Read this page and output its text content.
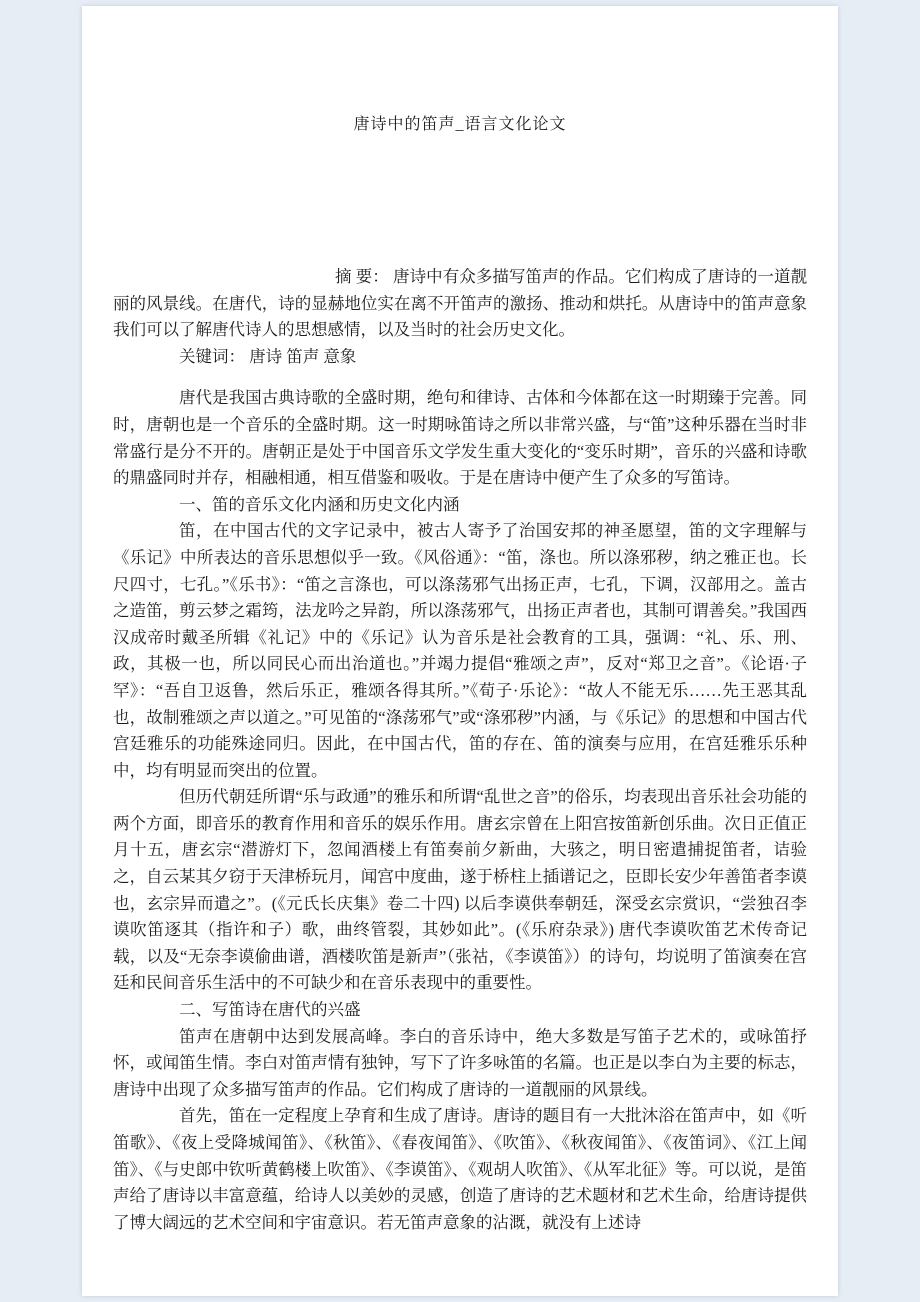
唐诗中的笛声_语言文化论文

摘 要： 唐诗中有众多描写笛声的作品。它们构成了唐诗的一道靓丽的风景线。在唐代，诗的显赫地位实在离不开笛声的激扬、推动和烘托。从唐诗中的笛声意象我们可以了解唐代诗人的思想感情，以及当时的社会历史文化。

关键词： 唐诗 笛声 意象

唐代是我国古典诗歌的全盛时期，绝句和律诗、古体和今体都在这一时期臻于完善。同时，唐朝也是一个音乐的全盛时期。这一时期咏笛诗之所以非常兴盛，与“笛”这种乐器在当时非常盛行是分不开的。唐朝正是处于中国音乐文学发生重大变化的“变乐时期”，音乐的兴盛和诗歌的鼎盛同时并存，相融相通，相互借鉴和吸收。于是在唐诗中便产生了众多的写笛诗。

一、笛的音乐文化内涵和历史文化内涵

笛，在中国古代的文字记录中，被古人寄予了治国安邦的神圣愿望，笛的文字理解与《乐记》中所表达的音乐思想似乎一致。《风俗通》：“笛，涤也。所以涤邪秽，纳之雅正也。长尺四寸，七孔。”《乐书》：“笛之言涤也，可以涤荡邪气出扬正声，七孔，下调，汉部用之。盖古之造笛，剪云梦之霜筠，法龙吟之异韵，所以涤荡邪气，出扬正声者也，其制可谓善矣。”我国西汉成帝时戴圣所辑《礼记》中的《乐记》认为音乐是社会教育的工具，强调：“礼、乐、刑、政，其极一也，所以同民心而出治道也。”并竭力提倡“雅颂之声”，反对“郑卫之音”。《论语·子罕》：“吾自卫返鲁，然后乐正，雅颂各得其所。”《荀子·乐论》：“故人不能无乐……先王恶其乱也，故制雅颂之声以道之。”可见笛的“涤荡邪气”或“涤邪秽”内涵，与《乐记》的思想和中国古代宫廷雅乐的功能殊途同归。因此，在中国古代，笛的存在、笛的演奏与应用，在宫廷雅乐乐种中，均有明显而突出的位置。

但历代朝廷所谓“乐与政通”的雅乐和所谓“乱世之音”的俗乐，均表现出音乐社会功能的两个方面，即音乐的教育作用和音乐的娱乐作用。唐玄宗曾在上阳宫按笛新创乐曲。次日正值正月十五，唐玄宗“潜游灯下，忽闻酒楼上有笛奏前夕新曲，大骇之，明日密遣捕捉笛者，诘验之，自云某其夕窃于天津桥玩月，闻宫中度曲，遂于桥柱上插谱记之，臣即长安少年善笛者李谟也，玄宗异而遣之”。(《元氏长庆集》卷二十四) 以后李谟供奉朝廷，深受玄宗赏识，“尝独召李谟吹笛逐其（指许和子）歌，曲终管裂，其妙如此”。(《乐府杂录》) 唐代李谟吹笛艺术传奇记载，以及“无奈李谟偷曲谱，酒楼吹笛是新声”（张祜，《李谟笛》）的诗句，均说明了笛演奏在宫廷和民间音乐生活中的不可缺少和在音乐表现中的重要性。

二、写笛诗在唐代的兴盛

笛声在唐朝中达到发展高峰。李白的音乐诗中，绝大多数是写笛子艺术的，或咏笛抒怀，或闻笛生情。李白对笛声情有独钟，写下了许多咏笛的名篇。也正是以李白为主要的标志，唐诗中出现了众多描写笛声的作品。它们构成了唐诗的一道靓丽的风景线。

首先，笛在一定程度上孕育和生成了唐诗。唐诗的题目有一大批沐浴在笛声中，如《听笛歌》、《夜上受降城闻笛》、《秋笛》、《春夜闻笛》、《吹笛》、《秋夜闻笛》、《夜笛词》、《江上闻笛》、《与史郎中钦听黄鹤楼上吹笛》、《李谟笛》、《观胡人吹笛》、《从军北征》等。可以说，是笛声给了唐诗以丰富意蕴，给诗人以美妙的灵感，创造了唐诗的艺术题材和艺术生命，给唐诗提供了博大阔远的艺术空间和宇宙意识。若无笛声意象的沾溉，就没有上述诗
